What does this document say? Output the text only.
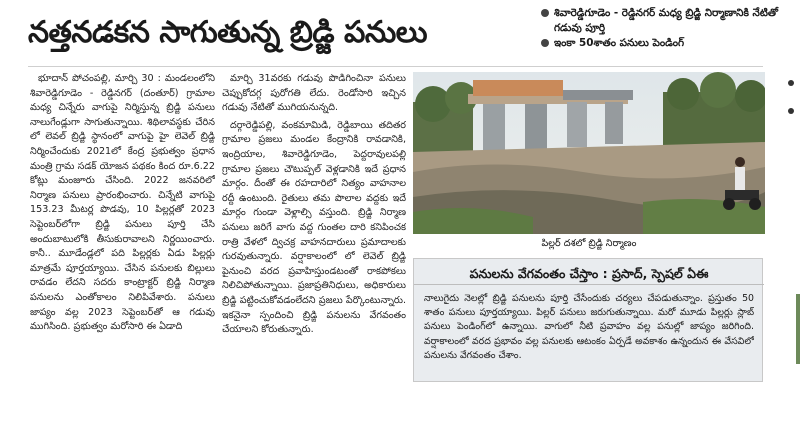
నత్తనడకన సాగుతున్న బ్రిడ్జి పనులు
శివారెడ్డిగూడెం - రెడ్డినగర్ మధ్య బ్రిడ్జి నిర్మాణానికి నేటితో గడువు పూర్తి
ఇంకా 50శాతం పనులు పెండింగ్

భూదాన్ పోచంపల్లి, మార్చి 30 : మండలంలోని శివారెడ్డిగూడెం - రెడ్డినగర్ (దంతూర్) గ్రామాల మధ్య చిన్నేరు వాగుపై నిర్మిస్తున్న బ్రిడ్జి పనులు నాలుగేండ్లుగా సాగుతున్నాయి. శిథిలావస్థకు చేరిన లో లెవల్ బ్రిడ్జి స్థానంలో వాగుపై హై లెవెల్ బ్రిడ్జి నిర్మించేందుకు 2021లో కేంద్ర ప్రభుత్వం ప్రధాన మంత్రి గ్రామ సడక్ యోజన పథకం కింద రూ.6.22 కోట్లు మంజూరు చేసింది. 2022 జనవరిలో నిర్మాణ పనులు ప్రారంభించారు. చిన్నేటి వాగుపై 153.23 మీటర్ల పొడవు, 10 పిల్లర్లతో 2023 సెప్టెంబర్‌లోగా బ్రిడ్జి పనులు పూర్తి చేసి అందుబాటులోకి తీసుకురావాలని నిర్ణయించారు. కానీ.. మూడేండ్లలో పది పిల్లర్లకు ఏడు పిల్లర్లు మాత్రమే పూర్తయ్యాయి. చేసిన పనులకు బిల్లులు రావడం లేదని సదరు కాంట్రాక్టర్ బ్రిడ్జి నిర్మాణ పనులను ఎంతోకాలం నిలిపివేశారు. పనులు జాప్యం వల్ల 2023 సెప్టెంబర్‌తో ఆ గడువు ముగిసింది. ప్రభుత్వం మరోసారి ఈ ఏడాది

మార్చి 31వరకు గడువు పొడిగించినా పనులు చెప్పుకోదగ్గ పురోగతి లేదు. రెండోసారి ఇచ్చిన గడువు నేటితో ముగియనున్నది.

దర్గారెడ్డిపల్లి, వంకమామిడి, రెడ్డిబాయి తదితర గ్రామాల ప్రజలు మండల కేంద్రానికి రావడానికి, ఇంద్రియాల, శివారెడ్డిగూడెం, పెద్దరావులపల్లి గ్రామాల ప్రజలు చౌటుప్పల్ వెళ్లడానికి ఇదే ప్రధాన మార్గం. దీంతో ఈ రహదారిలో నిత్యం వాహనాల రద్దీ ఉంటుంది. రైతులు తమ పొలాల వద్దకు ఇదే మార్గం గుండా వెళ్లాల్సి వస్తుంది. బ్రిడ్జి నిర్మాణ పనులు జరిగే వాగు వద్ద గుంతల దారి కనిపించక రాత్రి వేళలో ద్విచక్ర వాహనదారులు ప్రమాదాలకు గురవుతున్నారు. వర్షాకాలంలో లో లెవెల్ బ్రిడ్జి పైనుంచి వరద ప్రవాహిస్తుండటంతో రాకపోకలు నిలిచిపోతున్నాయి. ప్రజాప్రతినిధులు, అధికారులు బ్రిడ్జి పట్టించుకోవడంలేదని ప్రజలు పేర్కొంటున్నారు. ఇకనైనా స్పందించి బ్రిడ్జి పనులను వేగవంతం చేయాలని కోరుతున్నారు.

పిల్లర్ దశలో బ్రిడ్జి నిర్మాణం
పనులను వేగవంతం చేస్తాం : ప్రసాద్, స్పెషల్ ఏఈ
నాలుగైదు నెలల్లో బ్రిడ్జి పనులను పూర్తి చేసేందుకు చర్యలు చేపడుతున్నాం. ప్రస్తుతం 50 శాతం పనులు పూర్తయ్యాయి. పిల్లర్ పనులు జరుగుతున్నాయి. మరో మూడు పిల్లర్లు స్లాబ్ పనులు పెండింగ్‌లో ఉన్నాయి. వాగులో నీటి ప్రవాహం వల్ల పనుల్లో జాప్యం జరిగింది. వర్షాకాలంలో వరద ప్రభావం వల్ల పనులకు ఆటంకం ఏర్పడే అవకాశం ఉన్నందున ఈ వేసవిలో పనులను వేగవంతం చేశాం.
